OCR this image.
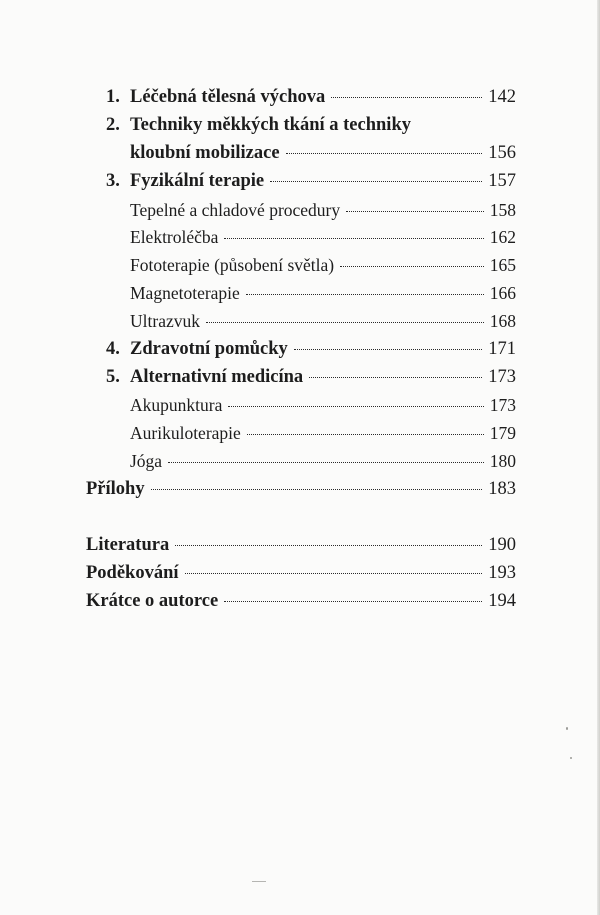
1. Léčebná tělesná výchova	142
2. Techniky měkkých tkání a techniky
kloubní mobilizace	156
3. Fyzikální terapie	157
Tepelné a chladové procedury	158
Elektroléčba	162
Fototerapie (působení světla)	165
Magnetoterapie	166
Ultrazvuk	168
4. Zdravotní pomůcky	171
5. Alternativní medicína	173
Akupunktura	173
Aurikuloterapie	179
Jóga	180
Přílohy	183
Literatura	190
Poděkování	193
Krátce o autorce	194
